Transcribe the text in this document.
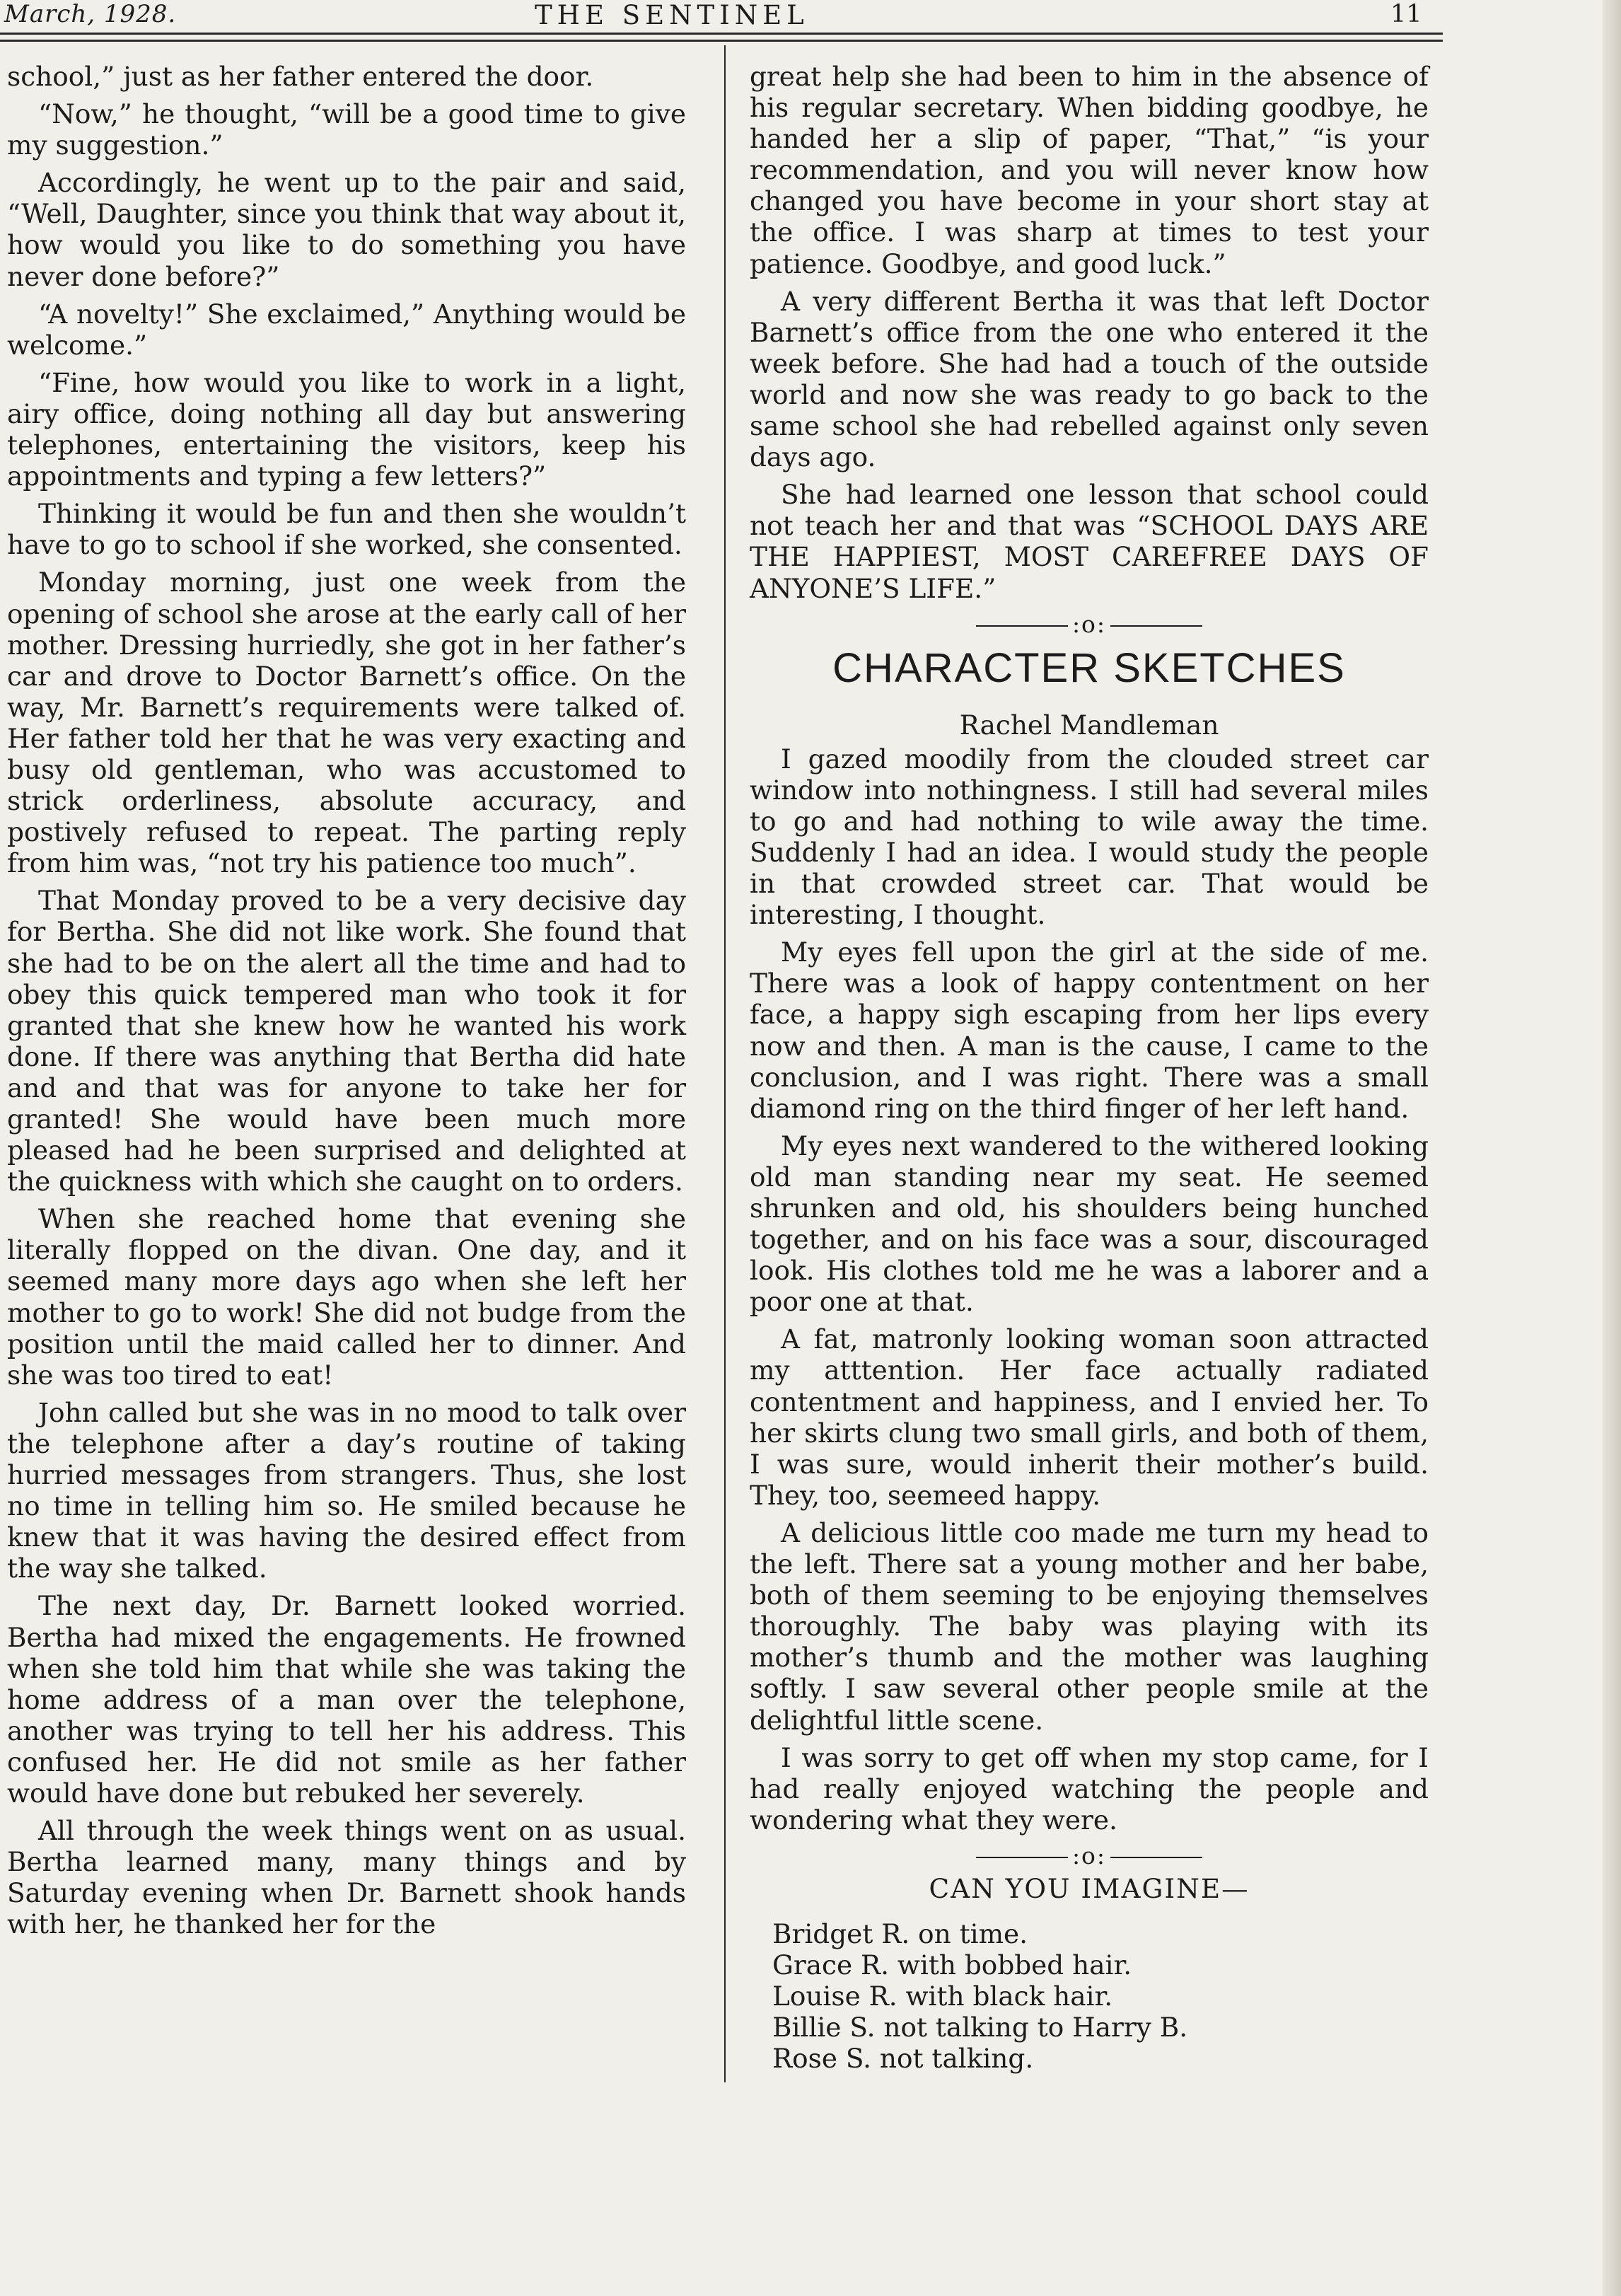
March, 1928.	THE SENTINEL	11

school,” just as her father entered the door.

“Now,” he thought, “will be a good time to give my suggestion.”

Accordingly, he went up to the pair and said, “Well, Daughter, since you think that way about it, how would you like to do something you have never done before?”

“A novelty!” She exclaimed,” Anything would be welcome.”

“Fine, how would you like to work in a light, airy office, doing nothing all day but answering telephones, entertaining the visitors, keep his appointments and typing a few letters?”

Thinking it would be fun and then she wouldn’t have to go to school if she worked, she consented.

Monday morning, just one week from the opening of school she arose at the early call of her mother. Dressing hurriedly, she got in her father’s car and drove to Doctor Barnett’s office. On the way, Mr. Barnett’s requirements were talked of. Her father told her that he was very exacting and busy old gentleman, who was accustomed to strick orderliness, absolute accuracy, and postively refused to repeat. The parting reply from him was, “not try his patience too much”.

That Monday proved to be a very decisive day for Bertha. She did not like work. She found that she had to be on the alert all the time and had to obey this quick tempered man who took it for granted that she knew how he wanted his work done. If there was anything that Bertha did hate and and that was for anyone to take her for granted! She would have been much more pleased had he been surprised and delighted at the quickness with which she caught on to orders.

When she reached home that evening she literally flopped on the divan. One day, and it seemed many more days ago when she left her mother to go to work! She did not budge from the position until the maid called her to dinner. And she was too tired to eat!

John called but she was in no mood to talk over the telephone after a day’s routine of taking hurried messages from strangers. Thus, she lost no time in telling him so. He smiled because he knew that it was having the desired effect from the way she talked.

The next day, Dr. Barnett looked worried. Bertha had mixed the engagements. He frowned when she told him that while she was taking the home address of a man over the telephone, another was trying to tell her his address. This confused her. He did not smile as her father would have done but rebuked her severely.

All through the week things went on as usual. Bertha learned many, many things and by Saturday evening when Dr. Barnett shook hands with her, he thanked her for the

great help she had been to him in the absence of his regular secretary. When bidding goodbye, he handed her a slip of paper, “That,” “is your recommendation, and you will never know how changed you have become in your short stay at the office. I was sharp at times to test your patience. Goodbye, and good luck.”

A very different Bertha it was that left Doctor Barnett’s office from the one who entered it the week before. She had had a touch of the outside world and now she was ready to go back to the same school she had rebelled against only seven days ago.

She had learned one lesson that school could not teach her and that was “SCHOOL DAYS ARE THE HAPPIEST, MOST CAREFREE DAYS OF ANYONE’S LIFE.”

:o:
CHARACTER SKETCHES
Rachel Mandleman

I gazed moodily from the clouded street car window into nothingness. I still had several miles to go and had nothing to wile away the time. Suddenly I had an idea. I would study the people in that crowded street car. That would be interesting, I thought.

My eyes fell upon the girl at the side of me. There was a look of happy contentment on her face, a happy sigh escaping from her lips every now and then. A man is the cause, I came to the conclusion, and I was right. There was a small diamond ring on the third finger of her left hand.

My eyes next wandered to the withered looking old man standing near my seat. He seemed shrunken and old, his shoulders being hunched together, and on his face was a sour, discouraged look. His clothes told me he was a laborer and a poor one at that.

A fat, matronly looking woman soon attracted my atttention. Her face actually radiated contentment and happiness, and I envied her. To her skirts clung two small girls, and both of them, I was sure, would inherit their mother’s build. They, too, seemeed happy.

A delicious little coo made me turn my head to the left. There sat a young mother and her babe, both of them seeming to be enjoying themselves thoroughly. The baby was playing with its mother’s thumb and the mother was laughing softly. I saw several other people smile at the delightful little scene.

I was sorry to get off when my stop came, for I had really enjoyed watching the people and wondering what they were.

:o:
CAN YOU IMAGINE—
Bridget R. on time.
Grace R. with bobbed hair.
Louise R. with black hair.
Billie S. not talking to Harry B.
Rose S. not talking.
